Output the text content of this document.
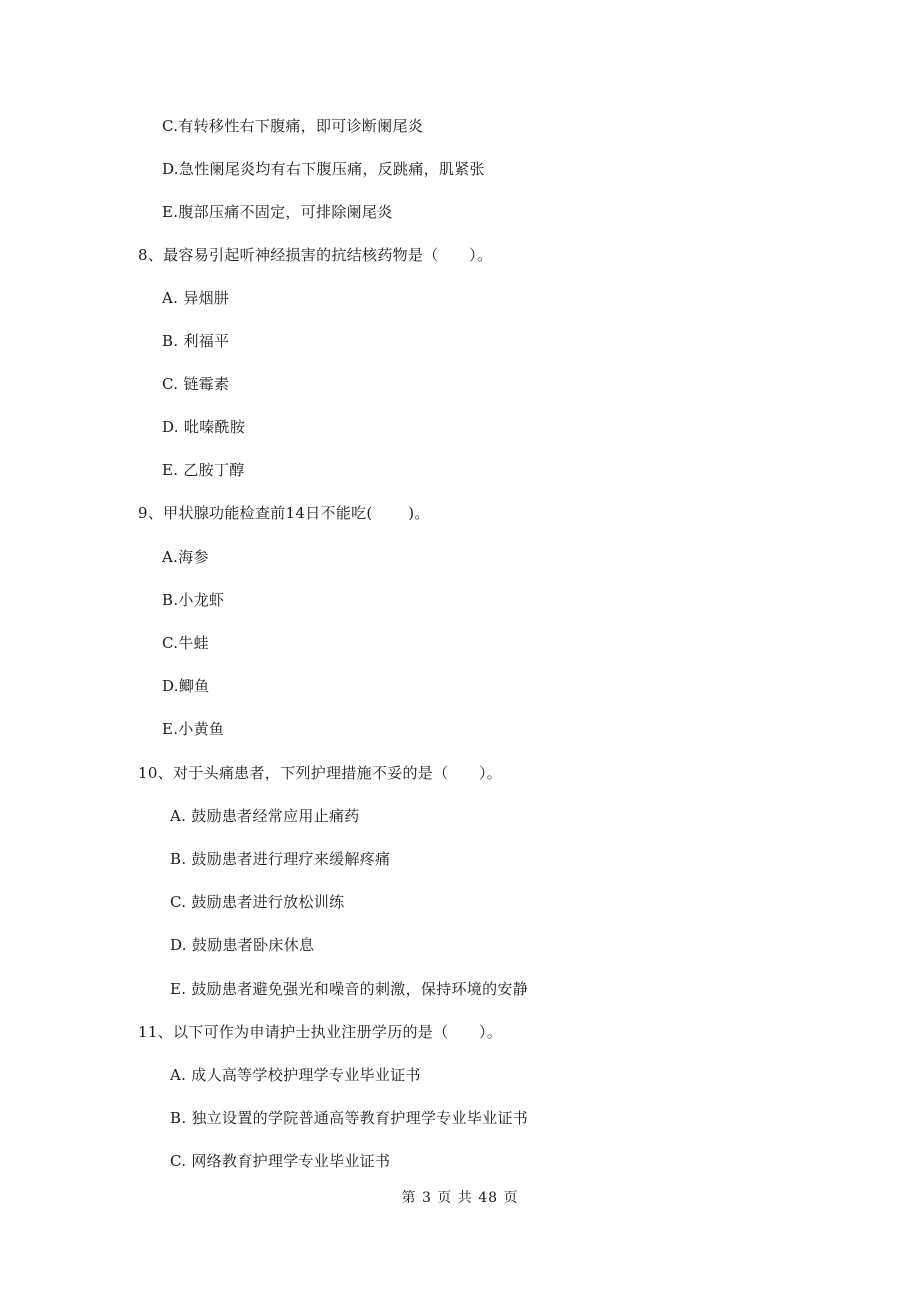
C.有转移性右下腹痛，即可诊断阑尾炎
D.急性阑尾炎均有右下腹压痛，反跳痛，肌紧张
E.腹部压痛不固定，可排除阑尾炎
8、最容易引起听神经损害的抗结核药物是（　　）。
A. 异烟肼
B. 利福平
C. 链霉素
D. 吡嗪酰胺
E. 乙胺丁醇
9、甲状腺功能检查前14日不能吃(　　 )。
A.海参
B.小龙虾
C.牛蛙
D.鲫鱼
E.小黄鱼
10、对于头痛患者，下列护理措施不妥的是（　　）。
A. 鼓励患者经常应用止痛药
B. 鼓励患者进行理疗来缓解疼痛
C. 鼓励患者进行放松训练
D. 鼓励患者卧床休息
E. 鼓励患者避免强光和噪音的刺激，保持环境的安静
11、以下可作为申请护士执业注册学历的是（　　）。
A. 成人高等学校护理学专业毕业证书
B. 独立设置的学院普通高等教育护理学专业毕业证书
C. 网络教育护理学专业毕业证书
第 3 页 共 48 页
